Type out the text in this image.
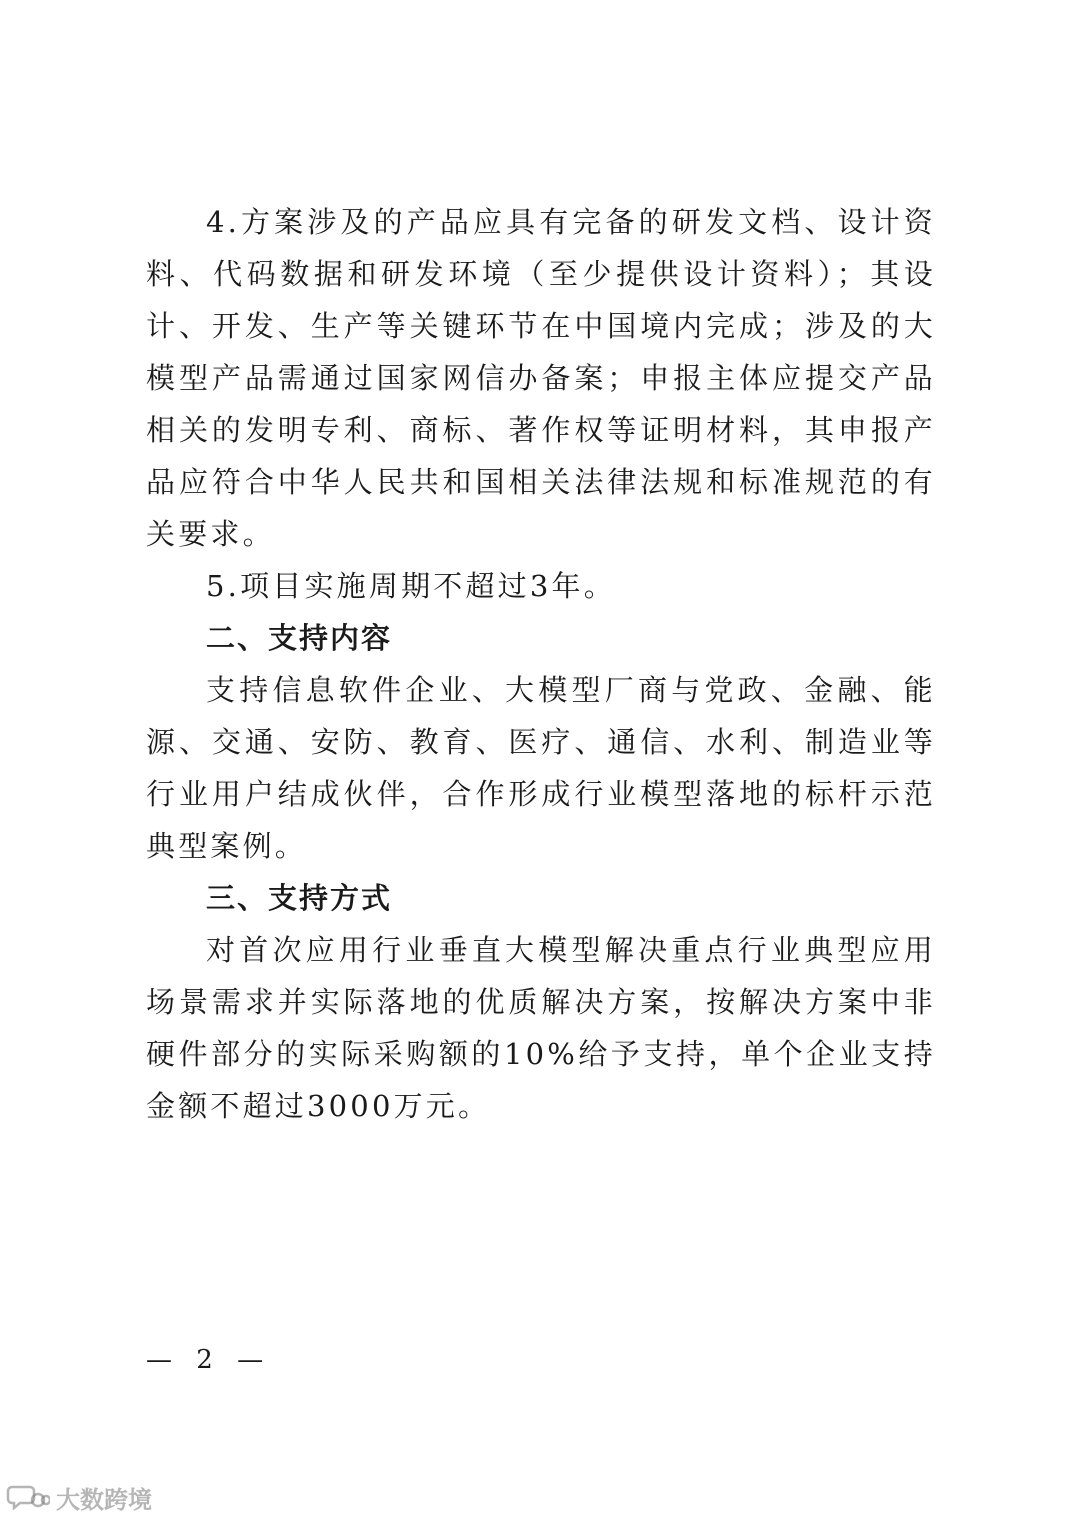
4.方案涉及的产品应具有完备的研发文档、设计资料、代码数据和研发环境（至少提供设计资料）；其设计、开发、生产等关键环节在中国境内完成；涉及的大模型产品需通过国家网信办备案；申报主体应提交产品相关的发明专利、商标、著作权等证明材料，其申报产品应符合中华人民共和国相关法律法规和标准规范的有关要求。

5.项目实施周期不超过3年。

二、支持内容

支持信息软件企业、大模型厂商与党政、金融、能源、交通、安防、教育、医疗、通信、水利、制造业等行业用户结成伙伴，合作形成行业模型落地的标杆示范典型案例。

三、支持方式

对首次应用行业垂直大模型解决重点行业典型应用场景需求并实际落地的优质解决方案，按解决方案中非硬件部分的实际采购额的10%给予支持，单个企业支持金额不超过3000万元。

— 2 —
大数跨境
